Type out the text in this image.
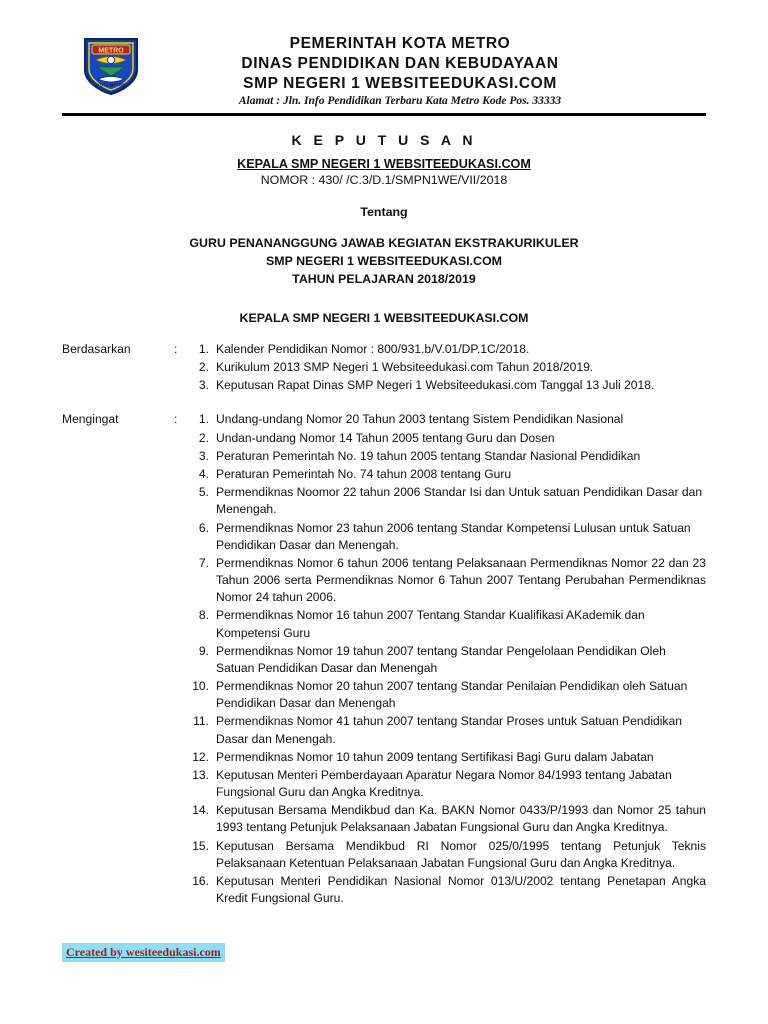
METRO
KOTA METRO
PEMERINTAH KOTA METRO
DINAS PENDIDIKAN DAN KEBUDAYAAN
SMP NEGERI 1 WEBSITEEDUKASI.COM
Alamat : Jln. Info Pendidikan Terbaru Kata Metro Kode Pos. 33333
K E P U T U S A N
KEPALA SMP NEGERI 1 WEBSITEEDUKASI.COM
NOMOR : 430/ /C.3/D.1/SMPN1WE/VII/2018
Tentang
GURU PENANANGGUNG JAWAB KEGIATAN EKSTRAKURIKULER
SMP NEGERI 1 WEBSITEEDUKASI.COM
TAHUN PELAJARAN 2018/2019
KEPALA SMP NEGERI 1 WEBSITEEDUKASI.COM
Berdasarkan	:	1. Kalender Pendidikan Nomor : 800/931.b/V.01/DP.1C/2018.
2. Kurikulum 2013 SMP Negeri 1 Websiteedukasi.com Tahun 2018/2019.
3. Keputusan Rapat Dinas SMP Negeri 1 Websiteedukasi.com Tanggal 13 Juli 2018.
Mengingat	:	1. Undang-undang Nomor 20 Tahun 2003 tentang Sistem Pendidikan Nasional
2. Undan-undang Nomor 14 Tahun 2005 tentang Guru dan Dosen
3. Peraturan Pemerintah No. 19 tahun 2005 tentang Standar Nasional Pendidikan
4. Peraturan Pemerintah No. 74 tahun 2008 tentang Guru
5. Permendiknas Noomor 22 tahun 2006 Standar Isi dan Untuk satuan Pendidikan Dasar dan Menengah.
6. Permendiknas Nomor 23 tahun 2006 tentang Standar Kompetensi Lulusan untuk Satuan Pendidikan Dasar dan Menengah.
7. Permendiknas Nomor 6 tahun 2006 tentang Pelaksanaan Permendiknas Nomor 22 dan 23 Tahun 2006 serta Permendiknas Nomor 6 Tahun 2007 Tentang Perubahan Permendiknas Nomor 24 tahun 2006.
8. Permendiknas Nomor 16 tahun 2007 Tentang Standar Kualifikasi AKademik dan Kompetensi Guru
9. Permendiknas Nomor 19 tahun 2007 tentang Standar Pengelolaan Pendidikan Oleh Satuan Pendidikan Dasar dan Menengah
10. Permendiknas Nomor 20 tahun 2007 tentang Standar Penilaian Pendidikan oleh Satuan Pendidikan Dasar dan Menengah
11. Permendiknas Nomor 41 tahun 2007 tentang Standar Proses untuk Satuan Pendidikan Dasar dan Menengah.
12. Permendiknas Nomor 10 tahun 2009 tentang Sertifikasi Bagi Guru dalam Jabatan
13. Keputusan Menteri Pemberdayaan Aparatur Negara Nomor 84/1993 tentang Jabatan Fungsional Guru dan Angka Kreditnya.
14. Keputusan Bersama Mendikbud dan Ka. BAKN Nomor 0433/P/1993 dan Nomor 25 tahun 1993 tentang Petunjuk Pelaksanaan Jabatan Fungsional Guru dan Angka Kreditnya.
15. Keputusan Bersama Mendikbud RI Nomor 025/0/1995 tentang Petunjuk Teknis Pelaksanaan Ketentuan Pelaksanaan Jabatan Fungsional Guru dan Angka Kreditnya.
16. Keputusan Menteri Pendidikan Nasional Nomor 013/U/2002 tentang Penetapan Angka Kredit Fungsional Guru.
Created by wesiteedukasi.com
